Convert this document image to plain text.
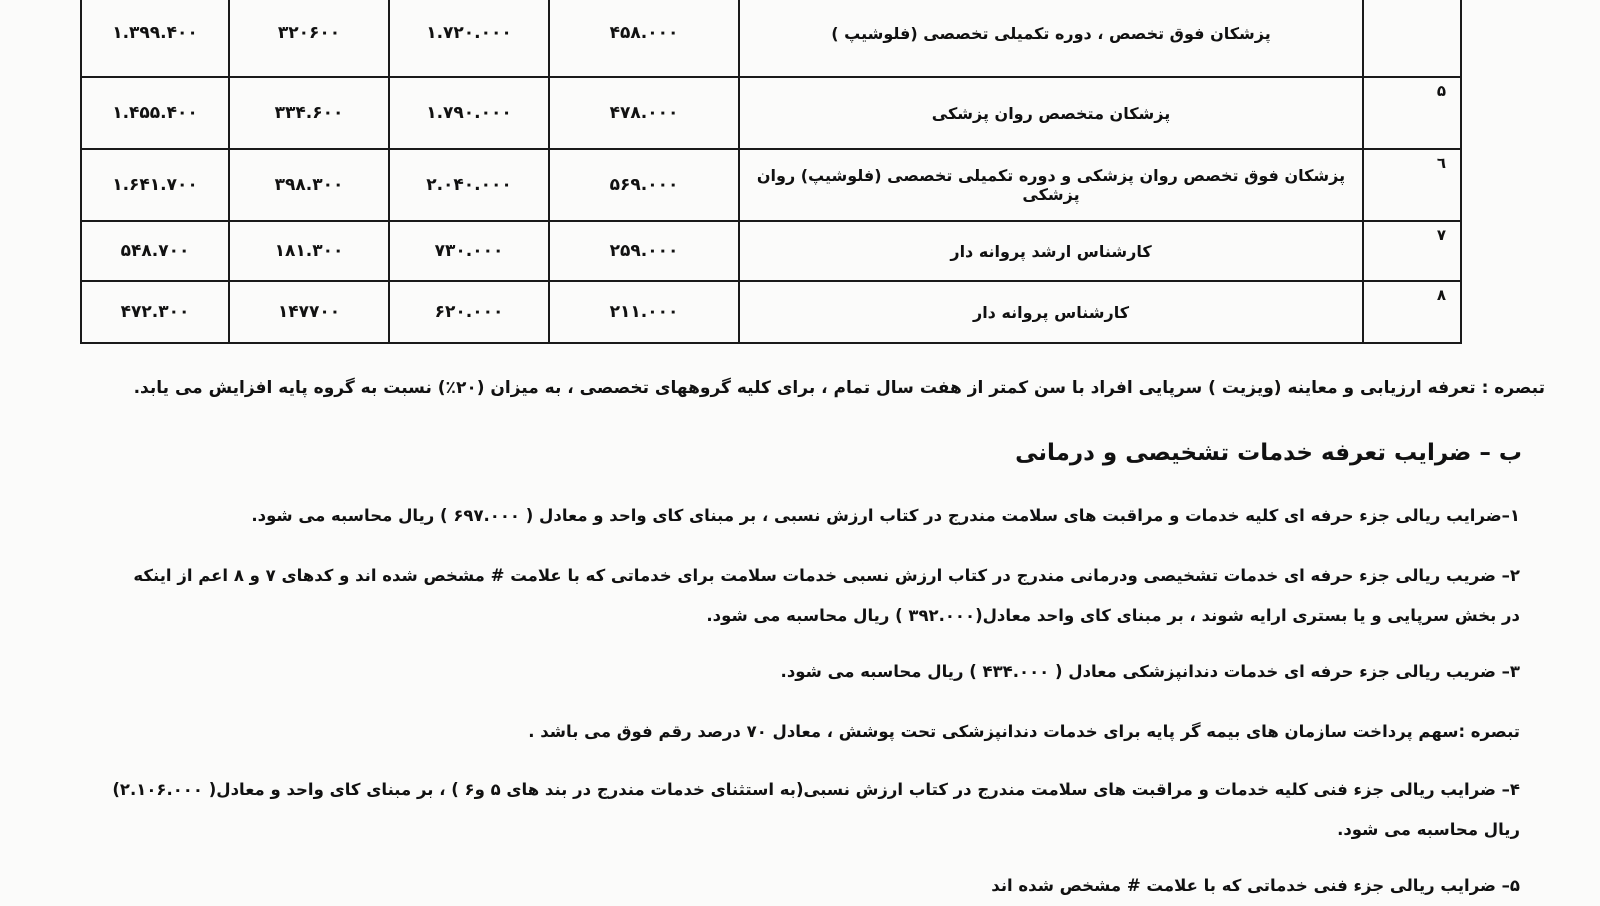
۱.۳۹۹.۴۰۰	۳۲۰۶۰۰	۱.۷۲۰.۰۰۰	۴۵۸.۰۰۰	پزشکان فوق تخصص ، دوره تکمیلی تخصصی (فلوشیپ )	
۱.۴۵۵.۴۰۰	۳۳۴.۶۰۰	۱.۷۹۰.۰۰۰	۴۷۸.۰۰۰	پزشکان متخصص روان پزشکی	۵
۱.۶۴۱.۷۰۰	۳۹۸.۳۰۰	۲.۰۴۰.۰۰۰	۵۶۹.۰۰۰	پزشکان فوق تخصص روان پزشکی و دوره تکمیلی تخصصی (فلوشیپ) روان پزشکی	٦
۵۴۸.۷۰۰	۱۸۱.۳۰۰	۷۳۰.۰۰۰	۲۵۹.۰۰۰	کارشناس ارشد پروانه دار	۷
۴۷۲.۳۰۰	۱۴۷۷۰۰	۶۲۰.۰۰۰	۲۱۱.۰۰۰	کارشناس پروانه دار	۸
تبصره : تعرفه ارزیابی و معاینه (ویزیت ) سرپایی افراد با سن کمتر از هفت سال تمام ، برای کلیه گروههای تخصصی ، به میزان (۲۰٪) نسبت به گروه پایه افزایش می یابد.
ب – ضرایب تعرفه خدمات تشخیصی و درمانی
۱–ضرایب ریالی جزء حرفه ای کلیه خدمات و مراقبت های سلامت مندرج در کتاب ارزش نسبی ، بر مبنای کای واحد و معادل ( ۶۹۷.۰۰۰ ) ریال محاسبه می شود.
۲– ضریب ریالی جزء حرفه ای خدمات تشخیصی ودرمانی مندرج در کتاب ارزش نسبی خدمات سلامت برای خدماتی که با علامت # مشخص شده اند و کدهای ۷ و ۸ اعم از اینکه
در بخش سرپایی و یا بستری ارایه شوند ، بر مبنای کای واحد معادل(۳۹۲.۰۰۰ ) ریال محاسبه می شود.
۳– ضریب ریالی جزء حرفه ای خدمات دندانپزشکی معادل ( ۴۳۴.۰۰۰ ) ریال محاسبه می شود.
تبصره :سهم پرداخت سازمان های بیمه گر پایه برای خدمات دندانپزشکی تحت پوشش ، معادل ۷۰ درصد رقم فوق می باشد .
۴– ضرایب ریالی جزء فنی کلیه خدمات و مراقبت های سلامت مندرج در کتاب ارزش نسبی(به استثنای خدمات مندرج در بند های ۵ و۶ ) ، بر مبنای کای واحد و معادل( ۲.۱۰۶.۰۰۰)
ریال محاسبه می شود.
۵– ضرایب ریالی جزء فنی خدماتی که با علامت # مشخص شده اند
